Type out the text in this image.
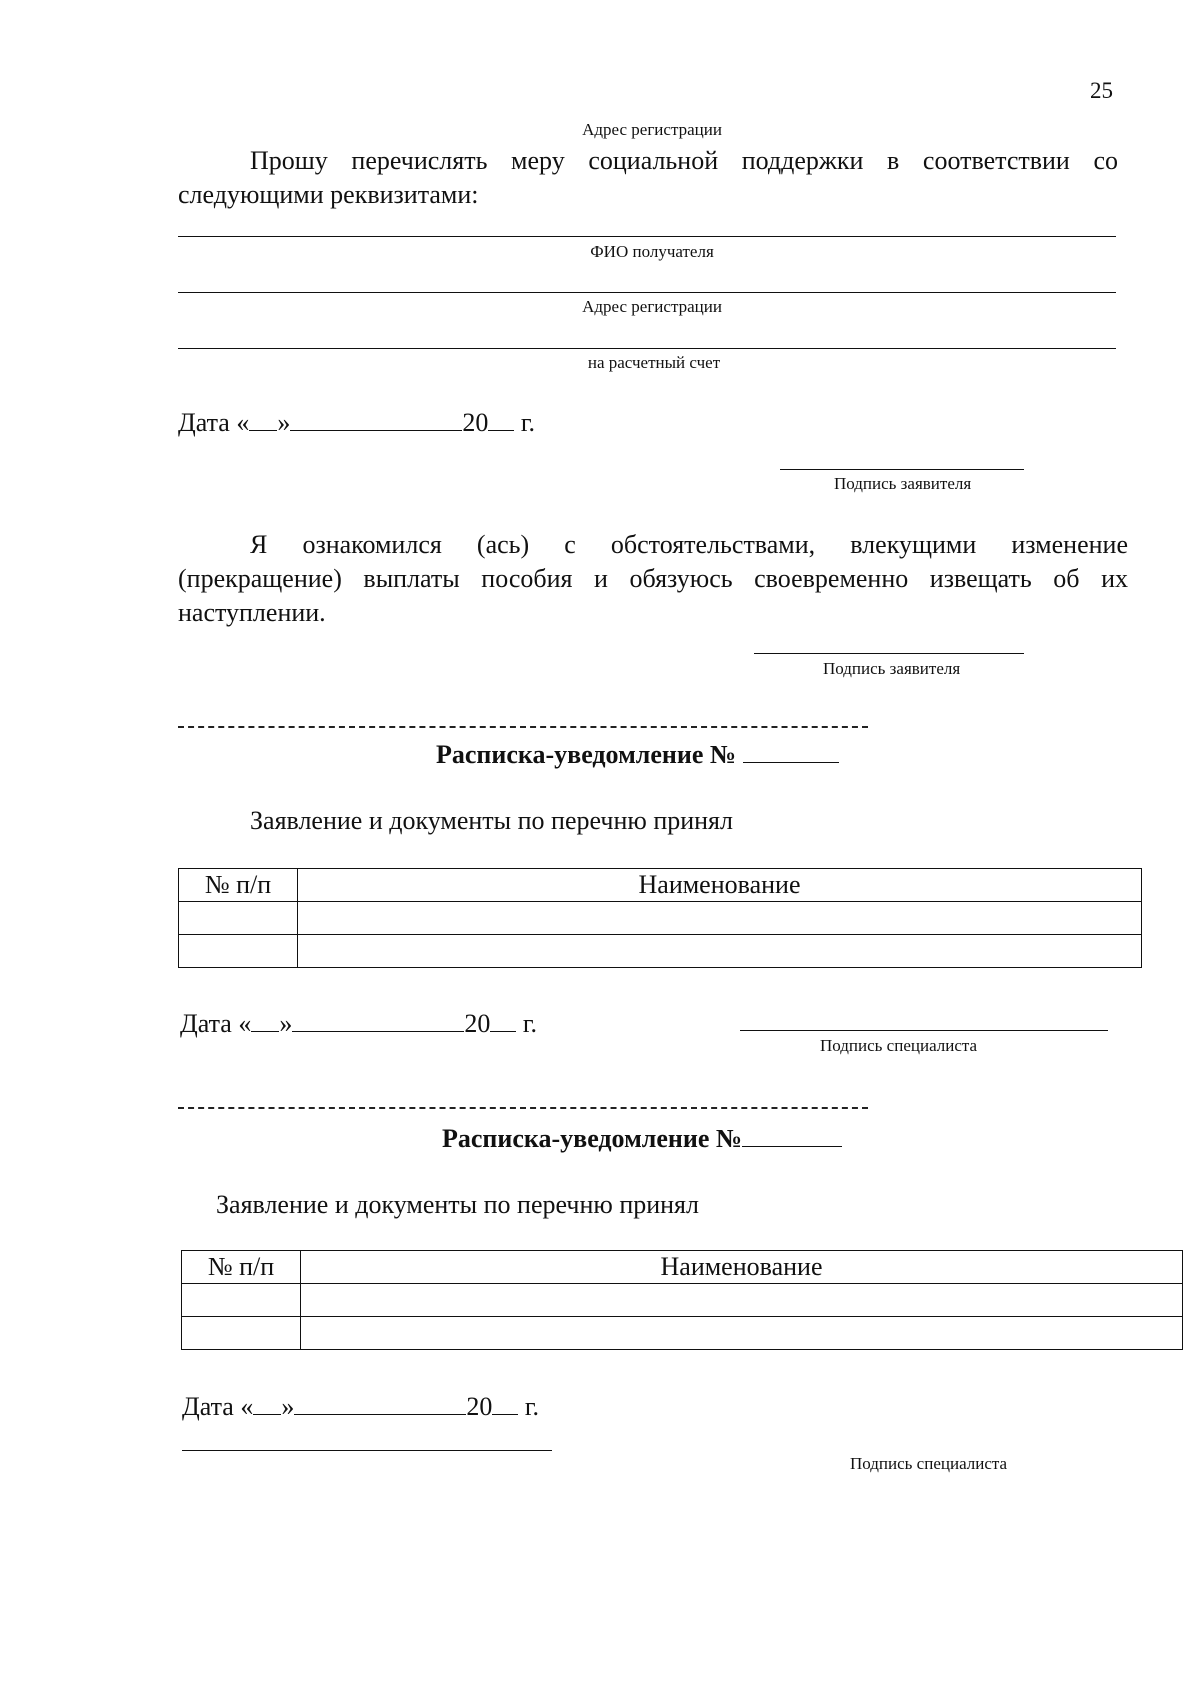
25
Адрес регистрации
Прошу перечислять меру социальной поддержки в соответствии со
следующими реквизитами:
ФИО получателя
Адрес регистрации
на расчетный счет
Дата « »	20 г.
Подпись заявителя
Я ознакомился (ась) с обстоятельствами, влекущими изменение
(прекращение) выплаты пособия и обязуюсь своевременно извещать об их
наступлении.
Подпись заявителя
Расписка-уведомление №
Заявление и документы по перечню принял
№ п/п	Наименование

Дата « »	20 г.
Подпись специалиста
Расписка-уведомление №
Заявление и документы по перечню принял
№ п/п	Наименование

Дата « »	20 г.
Подпись специалиста
